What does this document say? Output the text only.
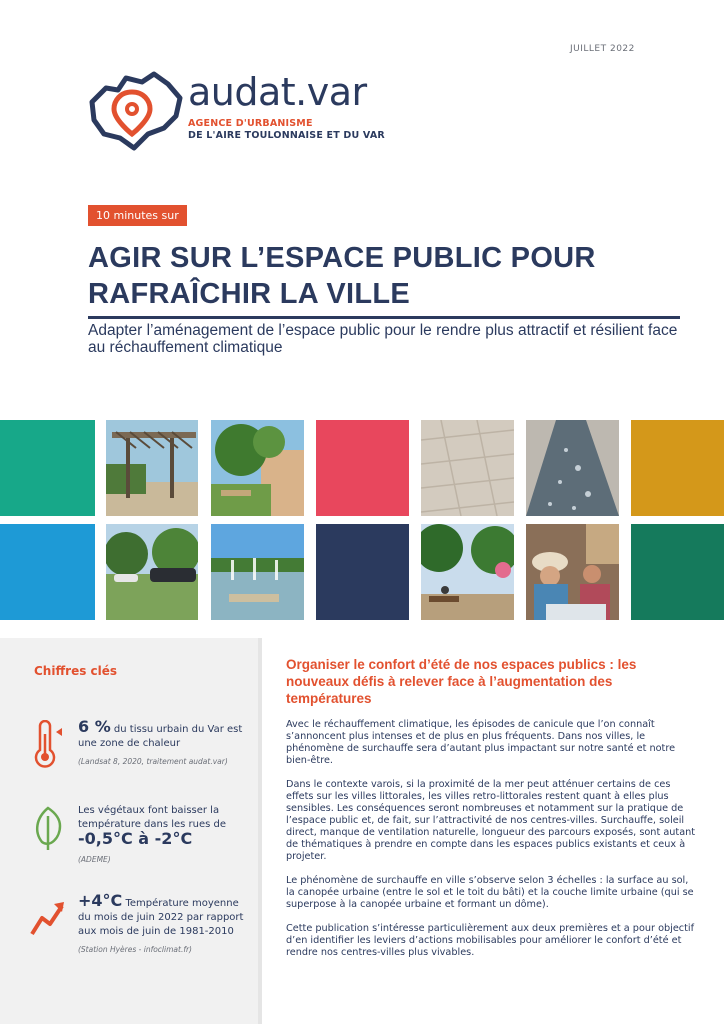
JUILLET 2022
audat.var
AGENCE D'URBANISME
DE L'AIRE TOULONNAISE ET DU VAR
10 minutes sur
AGIR SUR L’ESPACE PUBLIC POUR
RAFRAÎCHIR LA VILLE
Adapter l’aménagement de l’espace public pour le rendre plus attractif et résilient face au réchauffement climatique
Chiffres clés
6 % du tissu urbain du Var est une zone de chaleur
(Landsat 8, 2020, traitement audat.var)
Les végétaux font baisser la température dans les rues de
-0,5°C à -2°C
(ADEME)
+4°C Température moyenne du mois de juin 2022 par rapport aux mois de juin de 1981-2010
(Station Hyères - infoclimat.fr)
Organiser le confort d’été de nos espaces publics : les nouveaux défis à relever face à l’augmentation des températures

Avec le réchauffement climatique, les épisodes de canicule que l’on connaît s’annoncent plus intenses et de plus en plus fréquents. Dans nos villes, le phénomène de surchauffe sera d’autant plus impactant sur notre santé et notre bien-être.

Dans le contexte varois, si la proximité de la mer peut atténuer certains de ces effets sur les villes littorales, les villes retro-littorales restent quant à elles plus sensibles. Les conséquences seront nombreuses et notamment sur la pratique de l’espace public et, de fait, sur l’attractivité de nos centres-villes. Surchauffe, soleil direct, manque de ventilation naturelle, longueur des parcours exposés, sont autant de thématiques à prendre en compte dans les espaces publics existants et ceux à projeter.

Le phénomène de surchauffe en ville s’observe selon 3 échelles : la surface au sol, la canopée urbaine (entre le sol et le toit du bâti) et la couche limite urbaine (qui se superpose à la canopée urbaine et formant un dôme).

Cette publication s’intéresse particulièrement aux deux premières et a pour objectif d’en identifier les leviers d’actions mobilisables pour améliorer le confort d’été et rendre nos centres-villes plus vivables.
